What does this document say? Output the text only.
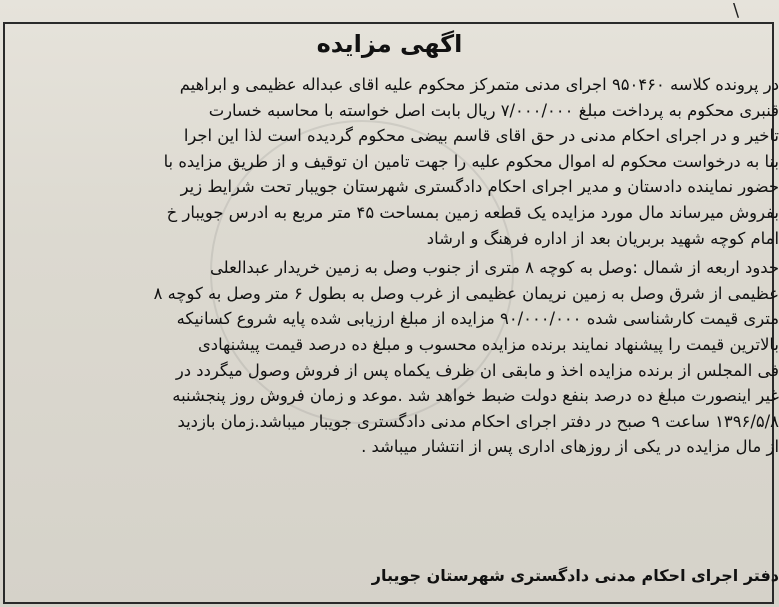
\
اگهی مزایده
در پرونده کلاسه ۹۵۰۴۶۰ اجرای مدنی متمرکز محکوم علیه اقای عبداله عظیمی و ابراهیم
قنبری محکوم به پرداخت مبلغ ۷/۰۰۰/۰۰۰ ریال بابت اصل خواسته با محاسبه خسارت
تاخیر و در اجرای احکام مدنی در حق اقای قاسم بیضی محکوم گردیده است لذا این اجرا
بنا به درخواست محکوم له اموال محکوم علیه را جهت تامین ان توقیف و از طریق مزایده با
حضور نماینده دادستان و مدیر اجرای احکام دادگستری شهرستان جویبار تحت شرایط زیر
بفروش میرساند مال مورد مزایده یک قطعه زمین بمساحت ۴۵ متر مربع به ادرس جویبار خ
امام کوچه شهید بربریان بعد از اداره فرهنگ و ارشاد
حدود اربعه از شمال :وصل به کوچه ۸ متری از جنوب وصل به زمین خریدار عبدالعلی
عظیمی از شرق وصل به زمین نریمان عظیمی از غرب وصل به بطول ۶ متر وصل به کوچه ۸
متری قیمت کارشناسی شده ۹۰/۰۰۰/۰۰۰ مزایده از مبلغ ارزیابی شده پایه شروع کسانیکه
بالاترین قیمت را پیشنهاد نمایند برنده مزایده محسوب و مبلغ ده درصد قیمت پیشنهادی
فی المجلس از برنده مزایده اخذ و مابقی ان ظرف یکماه پس از فروش وصول میگردد در
غیر اینصورت مبلغ ده درصد بنفع دولت ضبط خواهد شد .موعد و زمان فروش روز پنجشنبه
۱۳۹۶/۵/۸ ساعت ۹ صبح در دفتر اجرای احکام مدنی دادگستری جویبار میباشد.زمان بازدید
از مال مزایده در یکی از روزهای اداری پس از انتشار میباشد .
دفتر اجرای احکام مدنی دادگستری شهرستان جویبار
